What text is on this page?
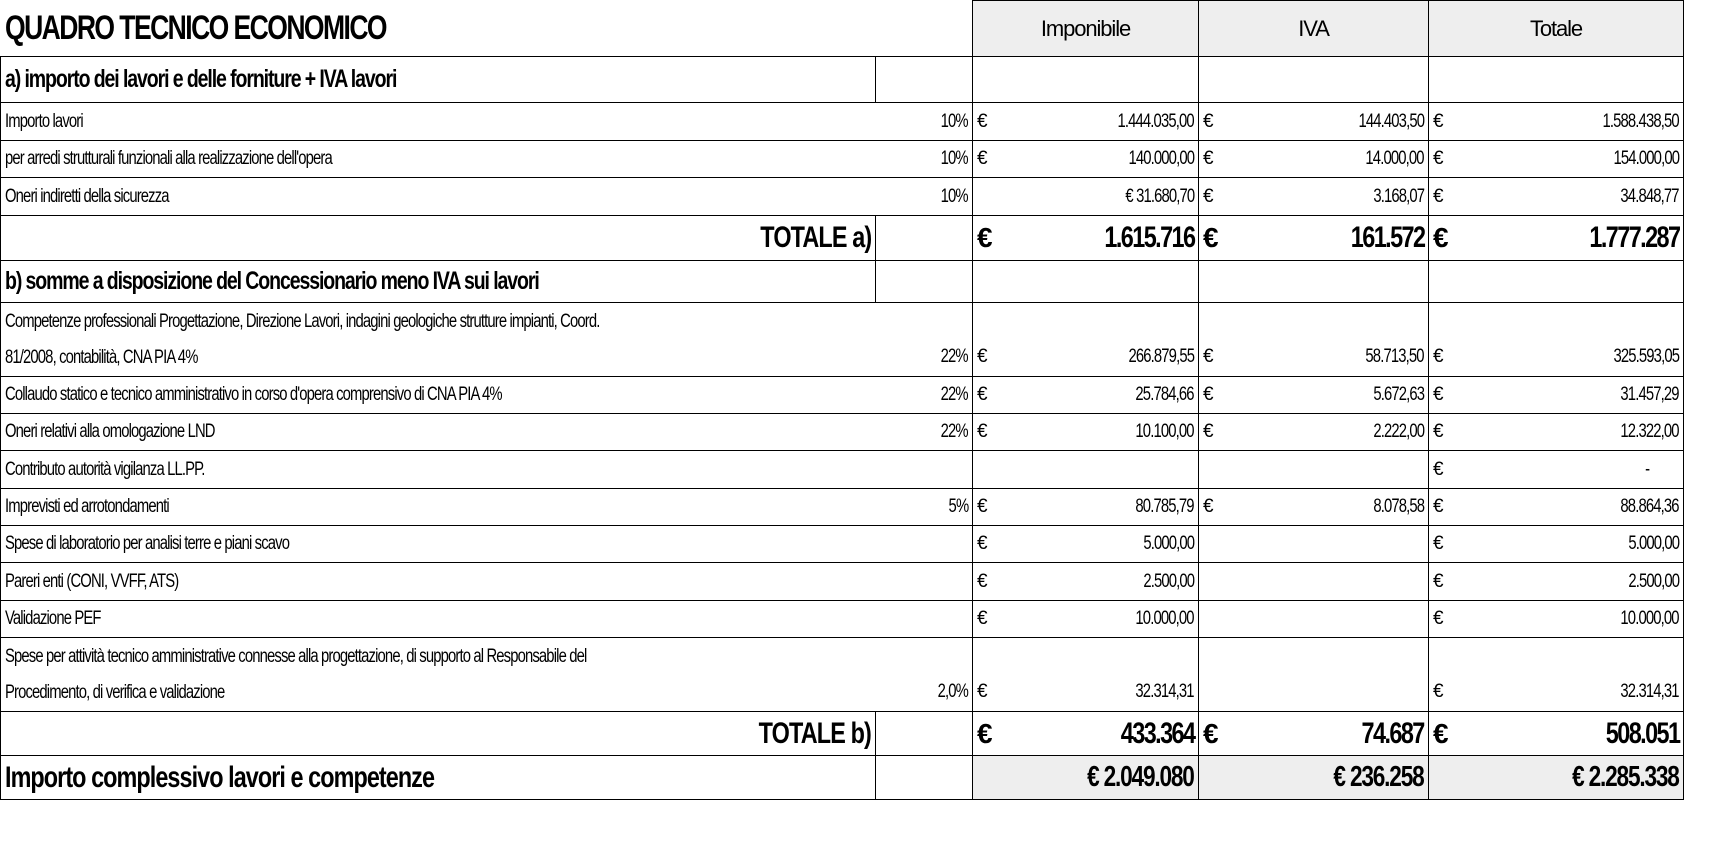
QUADRO TECNICO ECONOMICO		Imponibile		IVA		Totale	
a) importo dei lavori e delle forniture + IVA lavori							
Importo lavori	10%	€	1.444.035,00	€	144.403,50	€	1.588.438,50
per arredi strutturali funzionali alla realizzazione dell'opera	10%	€	140.000,00	€	14.000,00	€	154.000,00
Oneri indiretti della sicurezza	10%	€ 31.680,70		€	3.168,07	€	34.848,77
TOTALE a)		€	1.615.716	€	161.572	€	1.777.287
b) somme a disposizione del Concessionario meno IVA sui lavori							
Competenze professionali Progettazione, Direzione Lavori, indagini geologiche strutture impianti, Coord.
81/2008, contabilità, CNA PIA 4%	22%	€	266.879,55	€	58.713,50	€	325.593,05
Collaudo statico e tecnico amministrativo in corso d'opera comprensivo di CNA PIA 4%	22%	€	25.784,66	€	5.672,63	€	31.457,29
Oneri relativi alla omologazione LND	22%	€	10.100,00	€	2.222,00	€	12.322,00
Contributo autorità vigilanza LL.PP.						€	-
Imprevisti ed arrotondamenti	5%	€	80.785,79	€	8.078,58	€	88.864,36
Spese di laboratorio per analisi terre e piani scavo		€	5.000,00			€	5.000,00
Pareri enti (CONI, VVFF, ATS)		€	2.500,00			€	2.500,00
Validazione PEF		€	10.000,00			€	10.000,00
Spese per attività tecnico amministrative connesse alla progettazione, di supporto al Responsabile del
Procedimento, di verifica e validazione	2,0%	€	32.314,31			€	32.314,31
TOTALE b)		€	433.364	€	74.687	€	508.051
Importo complessivo lavori e competenze		€ 2.049.080		€ 236.258		€ 2.285.338	
